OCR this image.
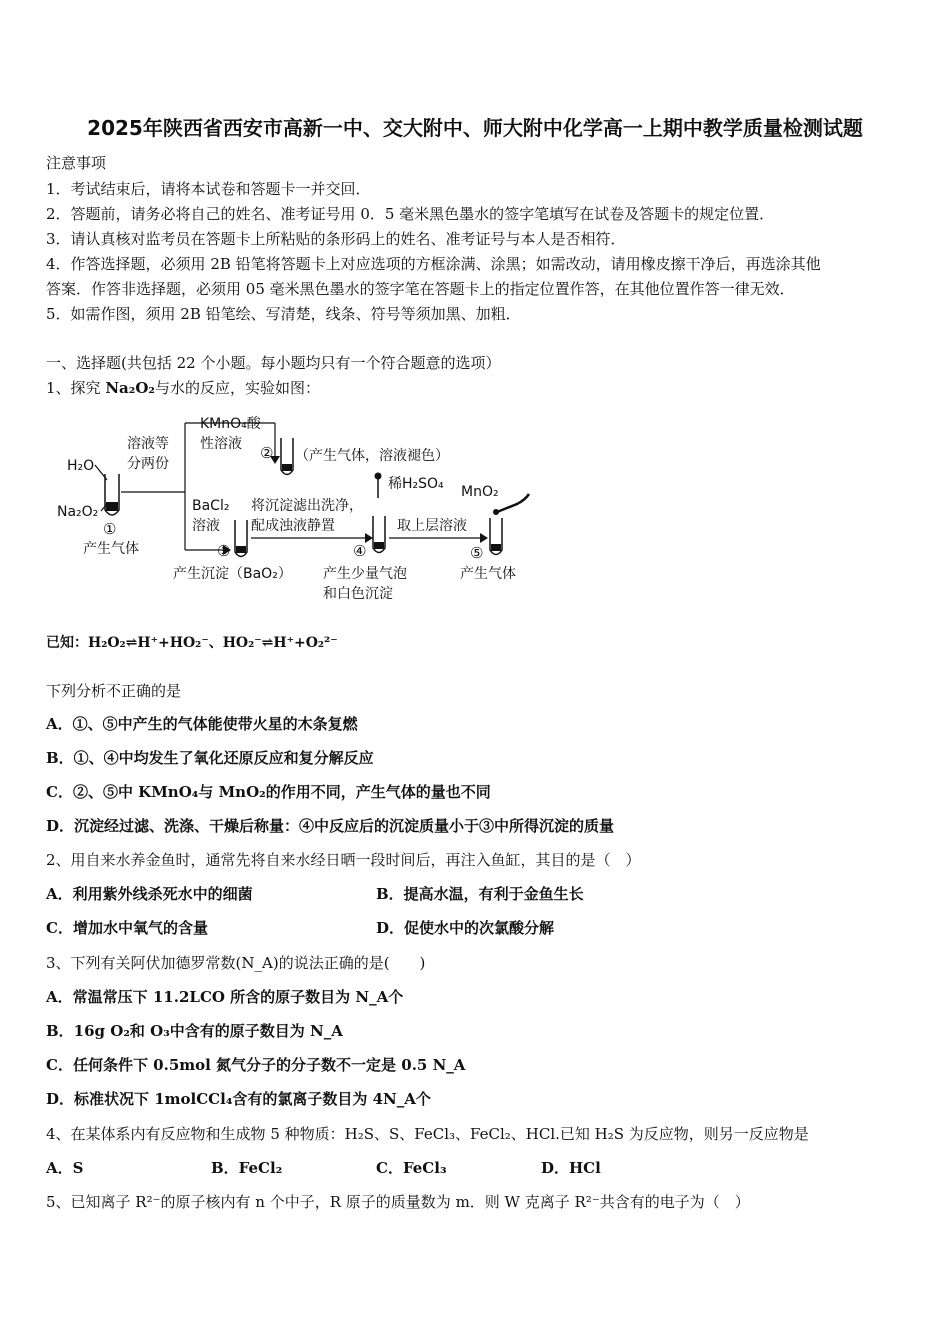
2025年陕西省西安市高新一中、交大附中、师大附中化学高一上期中教学质量检测试题
注意事项
1．考试结束后，请将本试卷和答题卡一并交回．
2．答题前，请务必将自己的姓名、准考证号用 0．5 毫米黑色墨水的签字笔填写在试卷及答题卡的规定位置．
3．请认真核对监考员在答题卡上所粘贴的条形码上的姓名、准考证号与本人是否相符．
4．作答选择题，必须用 2B 铅笔将答题卡上对应选项的方框涂满、涂黑；如需改动，请用橡皮擦干净后，再选涂其他
答案．作答非选择题，必须用 05 毫米黑色墨水的签字笔在答题卡上的指定位置作答，在其他位置作答一律无效．
5．如需作图，须用 2B 铅笔绘、写清楚，线条、符号等须加黑、加粗．
一、选择题(共包括 22 个小题。每小题均只有一个符合题意的选项）
1、探究 Na₂O₂与水的反应，实验如图：
H₂O
Na₂O₂
①
产生气体
溶液等
分两份
KMnO₄酸
性溶液 ② （产生气体，溶液褪色）
BaCl₂
溶液
③
产生沉淀（BaO₂）
将沉淀滤出洗净，
配成浊液静置
稀H₂SO₄
④
产生少量气泡
和白色沉淀
取上层溶液
MnO₂
⑤
产生气体
已知：H₂O₂⇌H⁺+HO₂⁻、HO₂⁻⇌H⁺+O₂²⁻
下列分析不正确的是
A．①、⑤中产生的气体能使带火星的木条复燃
B．①、④中均发生了氧化还原反应和复分解反应
C．②、⑤中 KMnO₄与 MnO₂的作用不同，产生气体的量也不同
D．沉淀经过滤、洗涤、干燥后称量：④中反应后的沉淀质量小于③中所得沉淀的质量
2、用自来水养金鱼时，通常先将自来水经日晒一段时间后，再注入鱼缸，其目的是（　）
A．利用紫外线杀死水中的细菌	B．提高水温，有利于金鱼生长
C．增加水中氧气的含量	D．促使水中的次氯酸分解
3、下列有关阿伏加德罗常数(N_A)的说法正确的是(　　)
A．常温常压下 11.2LCO 所含的原子数目为 N_A个
B．16g O₂和 O₃中含有的原子数目为 N_A
C．任何条件下 0.5mol 氮气分子的分子数不一定是 0.5 N_A
D．标准状况下 1molCCl₄含有的氯离子数目为 4N_A个
4、在某体系内有反应物和生成物 5 种物质：H₂S、S、FeCl₃、FeCl₂、HCl.已知 H₂S 为反应物，则另一反应物是
A．S	B．FeCl₂	C．FeCl₃	D．HCl
5、已知离子 R²⁻的原子核内有 n 个中子，R 原子的质量数为 m．则 W 克离子 R²⁻共含有的电子为（　）
